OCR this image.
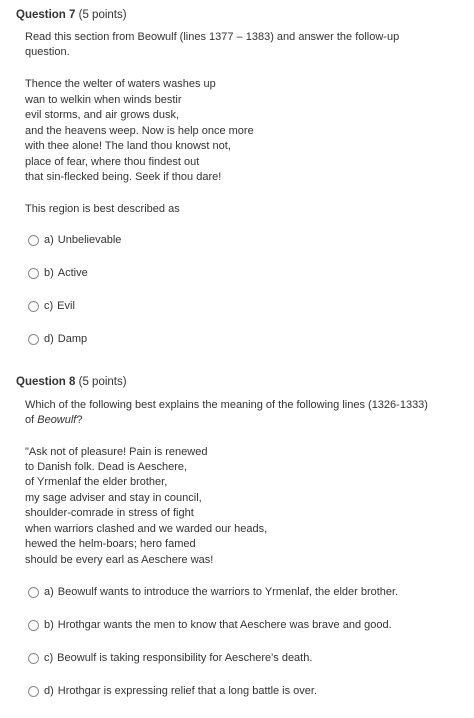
Question 7 (5 points)
Read this section from Beowulf (lines 1377 – 1383) and answer the follow-up
question.
Thence the welter of waters washes up
wan to welkin when winds bestir
evil storms, and air grows dusk,
and the heavens weep. Now is help once more
with thee alone! The land thou knowst not,
place of fear, where thou findest out
that sin-flecked being. Seek if thou dare!
This region is best described as
a) Unbelievable
b) Active
c) Evil
d) Damp
Question 8 (5 points)
Which of the following best explains the meaning of the following lines (1326-1333)
of Beowulf?
"Ask not of pleasure! Pain is renewed
to Danish folk. Dead is Aeschere,
of Yrmenlaf the elder brother,
my sage adviser and stay in council,
shoulder-comrade in stress of fight
when warriors clashed and we warded our heads,
hewed the helm-boars; hero famed
should be every earl as Aeschere was!
a) Beowulf wants to introduce the warriors to Yrmenlaf, the elder brother.
b) Hrothgar wants the men to know that Aeschere was brave and good.
c) Beowulf is taking responsibility for Aeschere's death.
d) Hrothgar is expressing relief that a long battle is over.
